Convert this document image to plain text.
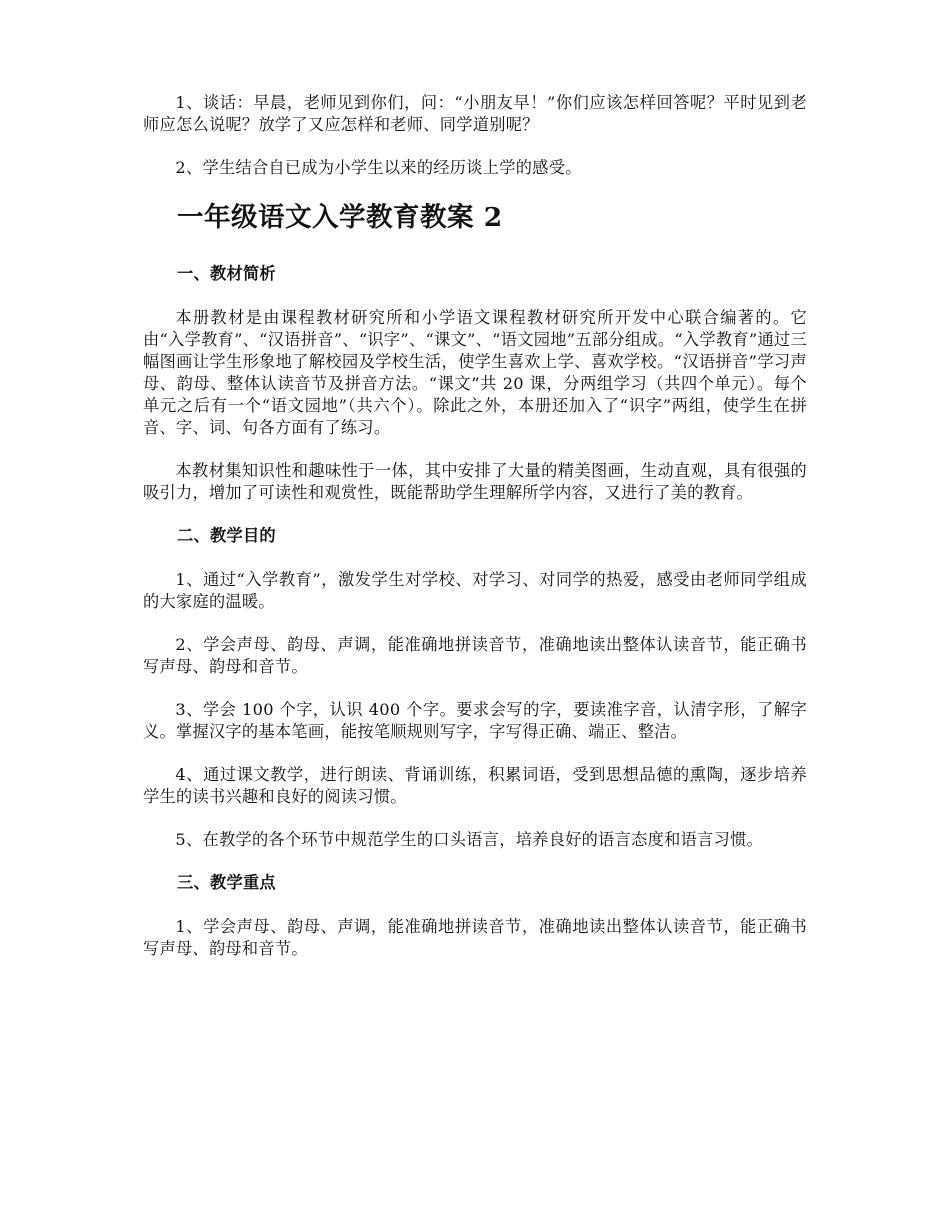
1、谈话：早晨，老师见到你们，问：“小朋友早！”你们应该怎样回答呢？平时见到老师应怎么说呢？放学了又应怎样和老师、同学道别呢？

2、学生结合自已成为小学生以来的经历谈上学的感受。

一年级语文入学教育教案 2
一、教材简析

本册教材是由课程教材研究所和小学语文课程教材研究所开发中心联合编著的。它由“入学教育”、“汉语拼音”、“识字”、“课文”、“语文园地”五部分组成。“入学教育”通过三幅图画让学生形象地了解校园及学校生活，使学生喜欢上学、喜欢学校。“汉语拼音”学习声母、韵母、整体认读音节及拼音方法。“课文”共 20 课，分两组学习（共四个单元）。每个单元之后有一个“语文园地”（共六个）。除此之外，本册还加入了“识字”两组，使学生在拼音、字、词、句各方面有了练习。

本教材集知识性和趣味性于一体，其中安排了大量的精美图画，生动直观，具有很强的吸引力，增加了可读性和观赏性，既能帮助学生理解所学内容，又进行了美的教育。

二、教学目的

1、通过“入学教育”，激发学生对学校、对学习、对同学的热爱，感受由老师同学组成的大家庭的温暖。

2、学会声母、韵母、声调，能准确地拼读音节，准确地读出整体认读音节，能正确书写声母、韵母和音节。

3、学会 100 个字，认识 400 个字。要求会写的字，要读准字音，认清字形，了解字义。掌握汉字的基本笔画，能按笔顺规则写字，字写得正确、端正、整洁。

4、通过课文教学，进行朗读、背诵训练，积累词语，受到思想品德的熏陶，逐步培养学生的读书兴趣和良好的阅读习惯。

5、在教学的各个环节中规范学生的口头语言，培养良好的语言态度和语言习惯。

三、教学重点

1、学会声母、韵母、声调，能准确地拼读音节，准确地读出整体认读音节，能正确书写声母、韵母和音节。
